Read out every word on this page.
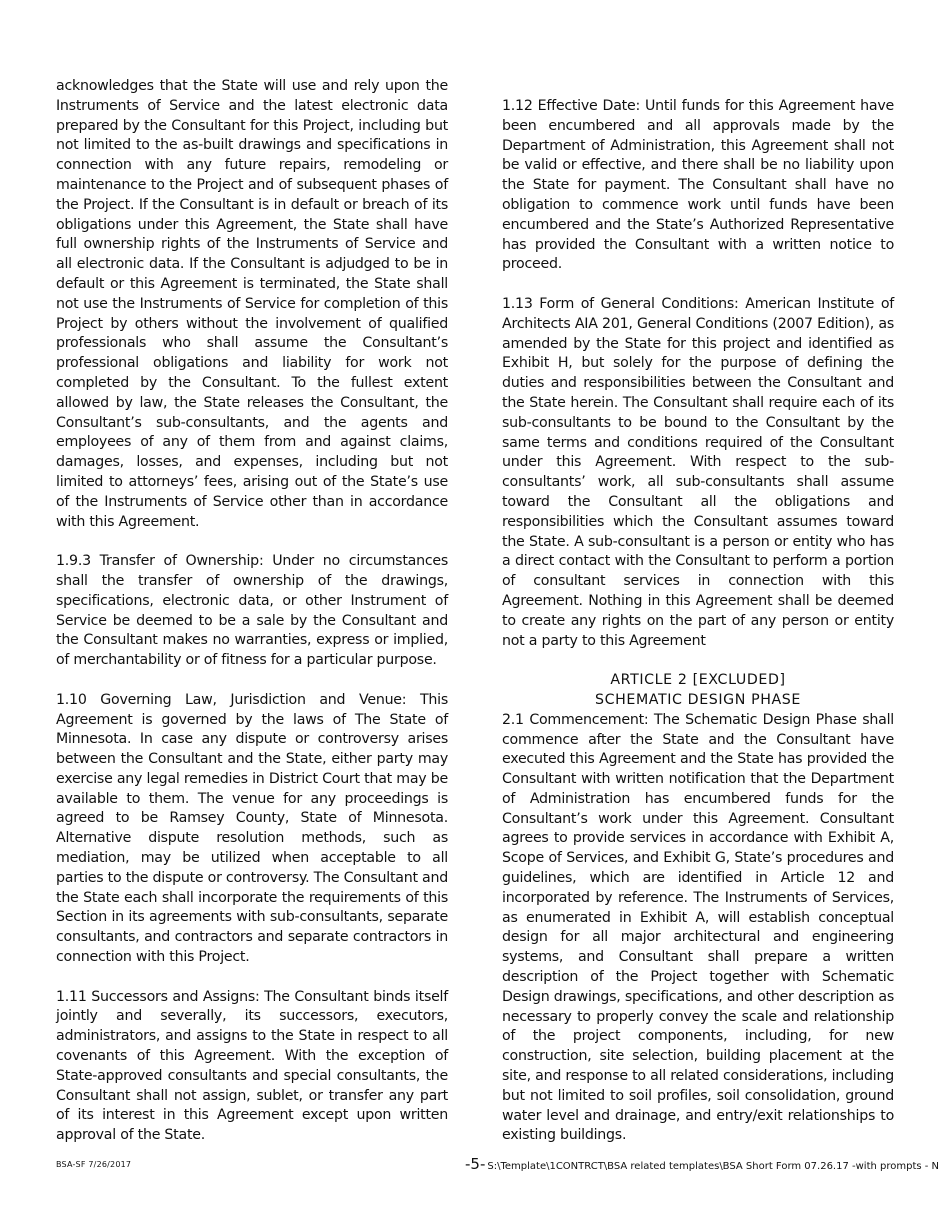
acknowledges that the State will use and rely upon the Instruments of Service and the latest electronic data prepared by the Consultant for this Project, including but not limited to the as-built drawings and specifications in connection with any future repairs, remodeling or maintenance to the Project and of subsequent phases of the Project. If the Consultant is in default or breach of its obligations under this Agreement, the State shall have full ownership rights of the Instruments of Service and all electronic data. If the Consultant is adjudged to be in default or this Agreement is terminated, the State shall not use the Instruments of Service for completion of this Project by others without the involvement of qualified professionals who shall assume the Consultant’s professional obligations and liability for work not completed by the Consultant. To the fullest extent allowed by law, the State releases the Consultant, the Consultant’s sub-consultants, and the agents and employees of any of them from and against claims, damages, losses, and expenses, including but not limited to attorneys’ fees, arising out of the State’s use of the Instruments of Service other than in accordance with this Agreement.

1.9.3 Transfer of Ownership: Under no circumstances shall the transfer of ownership of the drawings, specifications, electronic data, or other Instrument of Service be deemed to be a sale by the Consultant and the Consultant makes no warranties, express or implied, of merchantability or of fitness for a particular purpose.

1.10 Governing Law, Jurisdiction and Venue: This Agreement is governed by the laws of The State of Minnesota. In case any dispute or controversy arises between the Consultant and the State, either party may exercise any legal remedies in District Court that may be available to them. The venue for any proceedings is agreed to be Ramsey County, State of Minnesota. Alternative dispute resolution methods, such as mediation, may be utilized when acceptable to all parties to the dispute or controversy. The Consultant and the State each shall incorporate the requirements of this Section in its agreements with sub-consultants, separate consultants, and contractors and separate contractors in connection with this Project.

1.11 Successors and Assigns: The Consultant binds itself jointly and severally, its successors, executors, administrators, and assigns to the State in respect to all covenants of this Agreement. With the exception of State-approved consultants and special consultants, the Consultant shall not assign, sublet, or transfer any part of its interest in this Agreement except upon written approval of the State.

1.12 Effective Date: Until funds for this Agreement have been encumbered and all approvals made by the Department of Administration, this Agreement shall not be valid or effective, and there shall be no liability upon the State for payment. The Consultant shall have no obligation to commence work until funds have been encumbered and the State’s Authorized Representative has provided the Consultant with a written notice to proceed.

1.13 Form of General Conditions: American Institute of Architects AIA 201, General Conditions (2007 Edition), as amended by the State for this project and identified as Exhibit H, but solely for the purpose of defining the duties and responsibilities between the Consultant and the State herein. The Consultant shall require each of its sub-consultants to be bound to the Consultant by the same terms and conditions required of the Consultant under this Agreement. With respect to the sub-consultants’ work, all sub-consultants shall assume toward the Consultant all the obligations and responsibilities which the Consultant assumes toward the State. A sub-consultant is a person or entity who has a direct contact with the Consultant to perform a portion of consultant services in connection with this Agreement. Nothing in this Agreement shall be deemed to create any rights on the part of any person or entity not a party to this Agreement

ARTICLE 2 [EXCLUDED]

SCHEMATIC DESIGN PHASE

2.1 Commencement: The Schematic Design Phase shall commence after the State and the Consultant have executed this Agreement and the State has provided the Consultant with written notification that the Department of Administration has encumbered funds for the Consultant’s work under this Agreement. Consultant agrees to provide services in accordance with Exhibit A, Scope of Services, and Exhibit G, State’s procedures and guidelines, which are identified in Article 12 and incorporated by reference. The Instruments of Services, as enumerated in Exhibit A, will establish conceptual design for all major architectural and engineering systems, and Consultant shall prepare a written description of the Project together with Schematic Design drawings, specifications, and other description as necessary to properly convey the scale and relationship of the project components, including, for new construction, site selection, building placement at the site, and response to all related considerations, including but not limited to soil profiles, soil consolidation, ground water level and drainage, and entry/exit relationships to existing buildings.

BSA-SF 7/26/2017	-5- S:\Template\1CONTRCT\BSA related templates\BSA Short Form 07.26.17 -with prompts - N
